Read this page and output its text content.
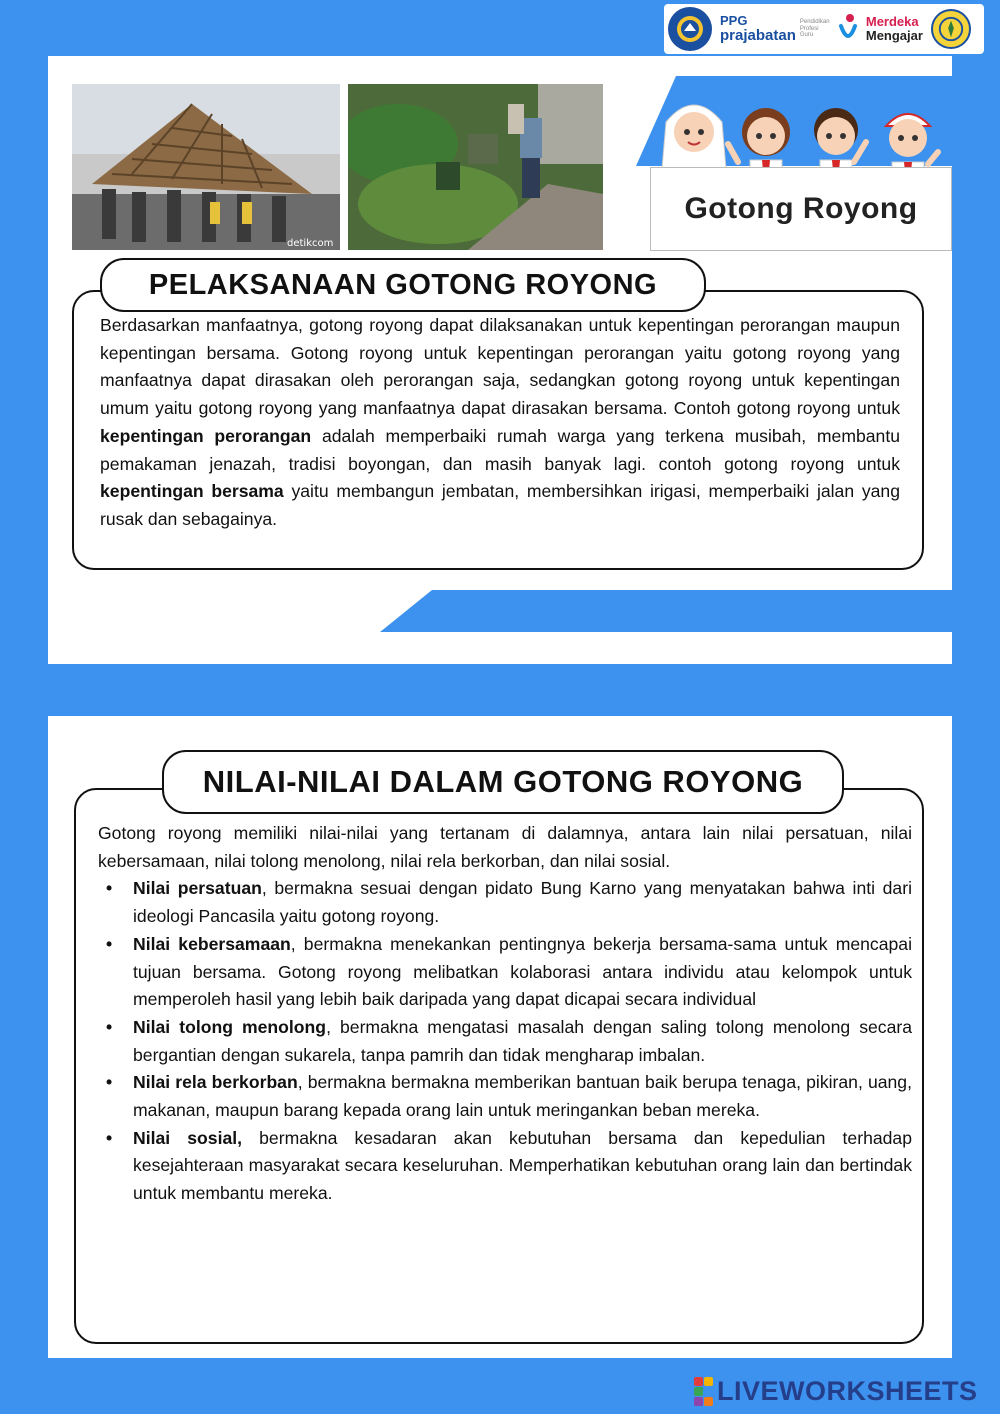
PPG
prajabatan
Pendidikan Profesi Guru
Merdeka
Mengajar
detikcom
Gotong Royong
PELAKSANAAN GOTONG ROYONG

Berdasarkan manfaatnya, gotong royong dapat dilaksanakan untuk kepentingan perorangan maupun kepentingan bersama. Gotong royong untuk kepentingan perorangan yaitu gotong royong yang manfaatnya dapat dirasakan oleh perorangan saja, sedangkan gotong royong untuk kepentingan umum yaitu gotong royong yang manfaatnya dapat dirasakan bersama. Contoh gotong royong untuk kepentingan perorangan adalah memperbaiki rumah warga yang terkena musibah, membantu pemakaman jenazah, tradisi boyongan, dan masih banyak lagi. contoh gotong royong untuk kepentingan bersama yaitu membangun jembatan, membersihkan irigasi, memperbaiki jalan yang rusak dan sebagainya.

NILAI-NILAI DALAM GOTONG ROYONG

Gotong royong memiliki nilai-nilai yang tertanam di dalamnya, antara lain nilai persatuan, nilai kebersamaan, nilai tolong menolong, nilai rela berkorban, dan nilai sosial.

• Nilai persatuan, bermakna sesuai dengan pidato Bung Karno yang menyatakan bahwa inti dari ideologi Pancasila yaitu gotong royong.
• Nilai kebersamaan, bermakna menekankan pentingnya bekerja bersama-sama untuk mencapai tujuan bersama. Gotong royong melibatkan kolaborasi antara individu atau kelompok untuk memperoleh hasil yang lebih baik daripada yang dapat dicapai secara individual
• Nilai tolong menolong, bermakna mengatasi masalah dengan saling tolong menolong secara bergantian dengan sukarela, tanpa pamrih dan tidak mengharap imbalan.
• Nilai rela berkorban, bermakna bermakna memberikan bantuan baik berupa tenaga, pikiran, uang, makanan, maupun barang kepada orang lain untuk meringankan beban mereka.
• Nilai sosial, bermakna kesadaran akan kebutuhan bersama dan kepedulian terhadap kesejahteraan masyarakat secara keseluruhan. Memperhatikan kebutuhan orang lain dan bertindak untuk membantu mereka.
LIVEWORKSHEETS
